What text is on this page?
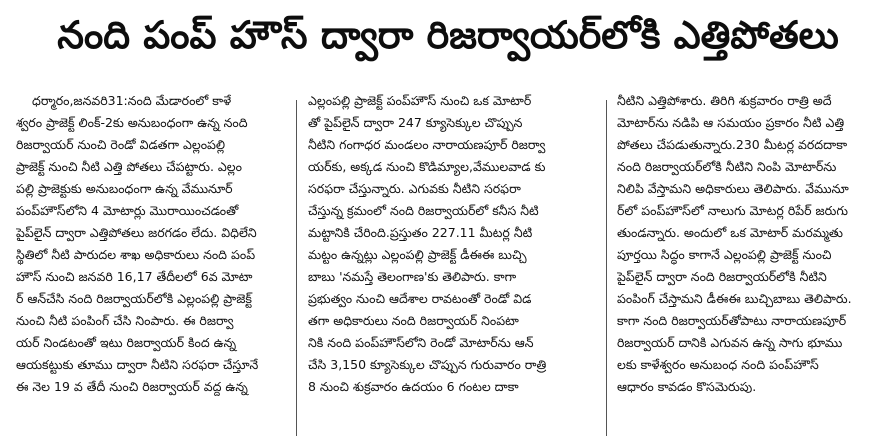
నంది పంప్ హౌస్ ద్వారా రిజర్వాయర్‌లోకి ఎత్తిపోతలు
ధర్మారం,జనవరి31:నంది మేడారంలో కాళే
శ్వరం ప్రాజెక్ట్ లింక్-2కు అనుబంధంగా ఉన్న నంది
రిజర్వాయర్ నుంచి రెండో విడతగా ఎల్లంపల్లి
ప్రాజెక్ట్ నుంచి నీటి ఎత్తి పోతలు చేపట్టారు. ఎల్లం
పల్లి ప్రాజెక్టుకు అనుబంధంగా ఉన్న వేమునూర్
పంప్‌హౌస్‌లోని 4 మోటార్లు మొరాయించడంతో
పైప్‌లైన్ ద్వారా ఎత్తిపోతలు జరగడం లేదు. విధిలేని
స్థితిలో నీటి పారుదల శాఖ అధికారులు నంది పంప్
హౌస్ నుంచి జనవరి 16,17 తేదీలలో 6వ మోటా
ర్ ఆన్‌చేసి నంది రిజర్వాయర్‌లోకి ఎల్లంపల్లి ప్రాజెక్ట్
నుంచి నీటి పంపింగ్ చేసి నింపారు. ఈ రిజర్వా
యర్ నిండటంతో ఇటు రిజర్వాయర్ కింద ఉన్న
ఆయకట్టుకు తూము ద్వారా నీటిని సరఫరా చేస్తూనే
ఈ నెల 19 వ తేదీ నుంచి రిజర్వాయర్ వద్ద ఉన్న
ఎల్లంపల్లి ప్రాజెక్ట్ పంప్‌హౌస్ నుంచి ఒక మోటార్
తో పైప్‌లైన్ ద్వారా 247 క్యూసెక్కుల చొప్పున
నీటిని గంగాధర మండలం నారాయణపూర్ రిజర్వా
యర్‌కు, అక్కడ నుంచి కొడిమ్యాల,వేములవాడ కు
సరఫరా చేస్తున్నారు. ఎగువకు నీటిని సరఫరా
చేస్తున్న క్రమంలో నంది రిజర్వాయర్‌లో కనీస నీటి
మట్టానికి చేరింది.ప్రస్తుతం 227.11 మీటర్ల నీటి
మట్టం ఉన్నట్లు ఎల్లంపల్లి ప్రాజెక్ట్ డీఈఈ బుచ్చి
బాబు 'నమస్తే తెలంగాణ'కు తెలిపారు. కాగా
ప్రభుత్వం నుంచి ఆదేశాల రావటంతో రెండో విడ
తగా అధికారులు నంది రిజర్వాయర్ నింపటా
నికి నంది పంప్‌హౌస్‌లోని రెండో మోటార్‌ను ఆన్
చేసి 3,150 క్యూసెక్కుల చొప్పున గురువారం రాత్రి
8 నుంచి శుక్రవారం ఉదయం 6 గంటల దాకా
నీటిని ఎత్తిపోశారు. తిరిగి శుక్రవారం రాత్రి అదే
మోటార్‌ను నడిపి ఆ సమయం ప్రకారం నీటి ఎత్తి
పోతలు చేపడుతున్నారు.230 మీటర్ల వరదదాకా
నంది రిజర్వాయర్‌లోకి నీటిని నింపి మోటార్‌ను
నిలిపి వేస్తామని అధికారులు తెలిపారు. వేమునూ
ర్‌లో పంప్‌హౌస్‌లో నాలుగు మోటర్ల రిపేర్ జరుగు
తుండన్నారు. అందులో ఒక మోటార్ మరమ్మతు
పూర్తయి సిద్ధం కాగానే ఎల్లంపల్లి ప్రాజెక్ట్ నుంచి
పైప్‌లైన్ ద్వారా నంది రిజర్వాయర్‌లోకి నీటిని
పంపింగ్ చేస్తామని డీఈఈ బుచ్చిబాబు తెలిపారు.
కాగా నంది రిజర్వాయర్‌తోపాటు నారాయణపూర్
రిజర్వాయర్ దానికి ఎగువన ఉన్న సాగు భూము
లకు కాళేశ్వరం అనుబంధ నంది పంప్‌హౌస్
ఆధారం కావడం కొసమెరుపు.
